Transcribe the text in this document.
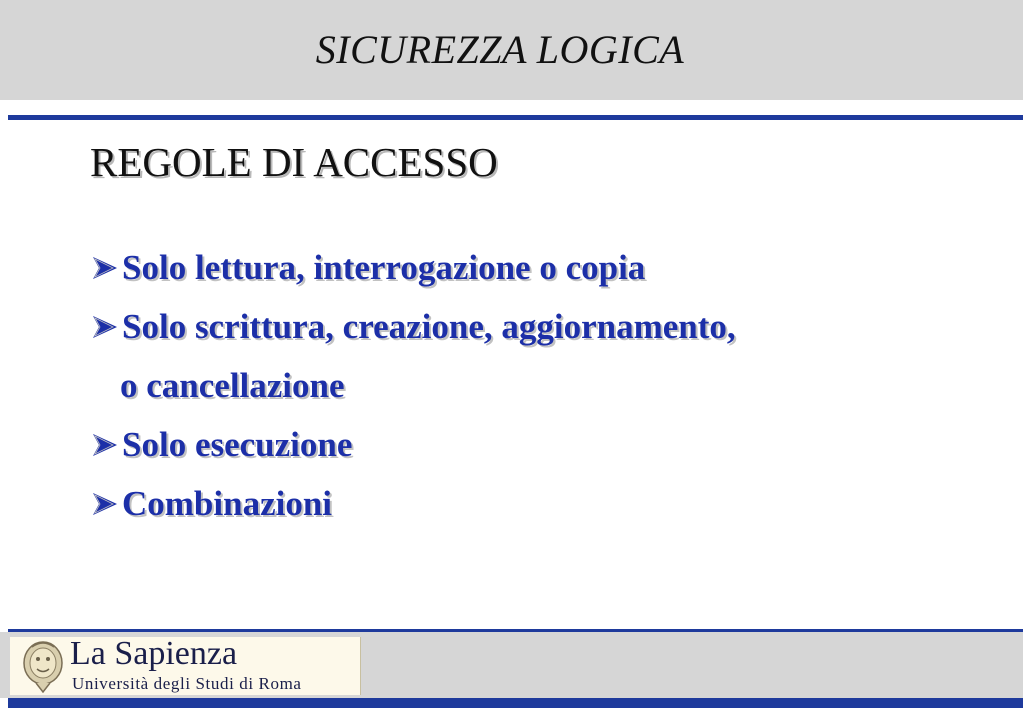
SICUREZZA LOGICA
REGOLE DI ACCESSO
Solo lettura, interrogazione o copia
Solo scrittura, creazione, aggiornamento,
o cancellazione
Solo esecuzione
Combinazioni
La Sapienza
Università degli Studi di Roma
